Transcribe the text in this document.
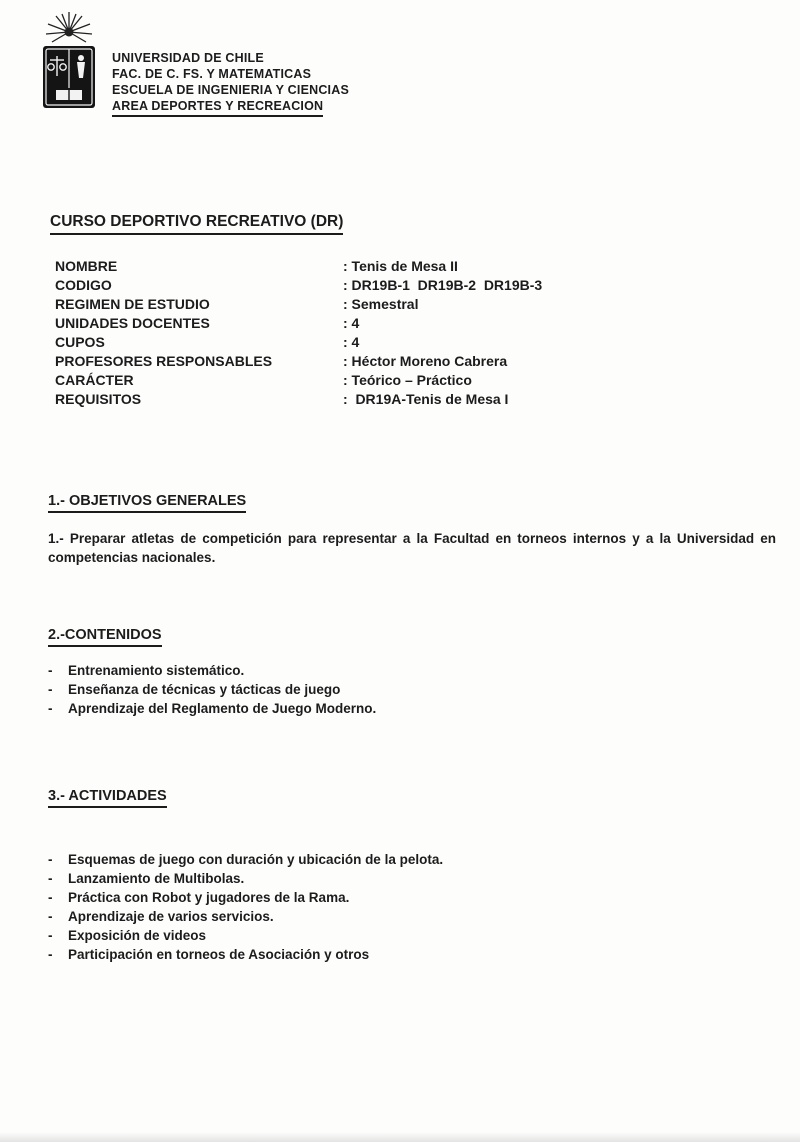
UNIVERSIDAD DE CHILE
FAC. DE C. FS. Y MATEMATICAS
ESCUELA DE INGENIERIA Y CIENCIAS
AREA DEPORTES Y RECREACION
CURSO DEPORTIVO RECREATIVO (DR)
NOMBRE	: Tenis de Mesa II
CODIGO	: DR19B-1  DR19B-2  DR19B-3
REGIMEN DE ESTUDIO	: Semestral
UNIDADES DOCENTES	: 4
CUPOS	: 4
PROFESORES RESPONSABLES	: Héctor Moreno Cabrera
CARÁCTER	: Teórico – Práctico
REQUISITOS	:  DR19A-Tenis de Mesa I
1.- OBJETIVOS GENERALES
1.- Preparar atletas de competición para representar a la Facultad en torneos internos y a la Universidad en competencias nacionales.
2.-CONTENIDOS
-	Entrenamiento sistemático.
-	Enseñanza de técnicas y tácticas de juego
-	Aprendizaje del Reglamento de Juego Moderno.
3.- ACTIVIDADES
-	Esquemas de juego con duración y ubicación de la pelota.
-	Lanzamiento de Multibolas.
-	Práctica con Robot y jugadores de la Rama.
-	Aprendizaje de varios servicios.
-	Exposición de videos
-	Participación en torneos de Asociación y otros
